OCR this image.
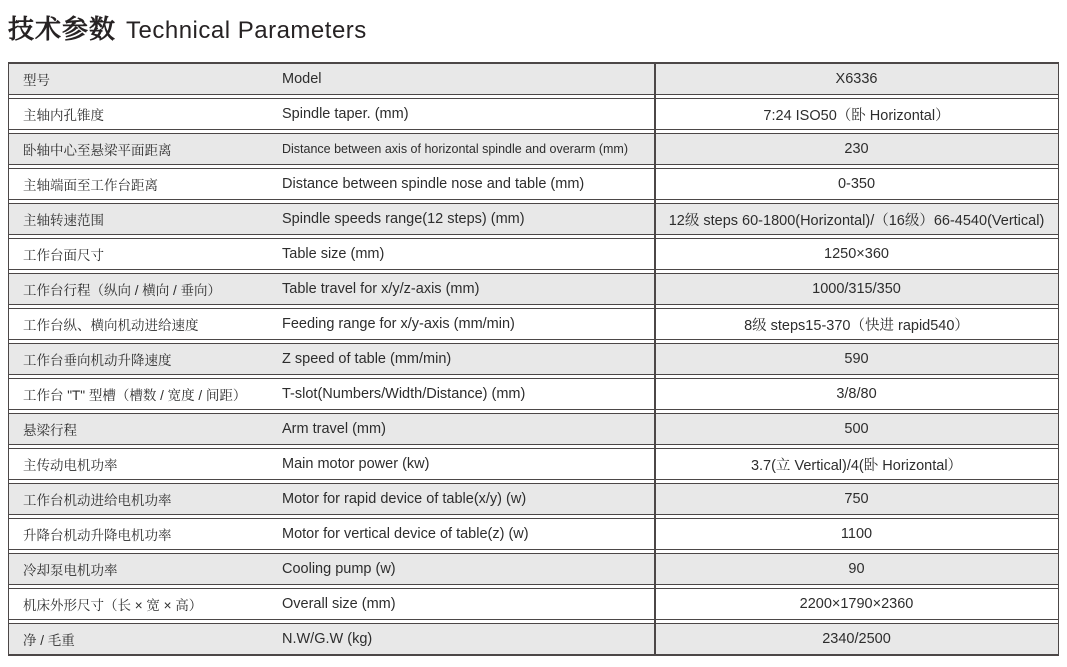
技术参数 Technical Parameters
型号	Model	X6336
主轴内孔锥度	Spindle taper. (mm)	7:24 ISO50（卧 Horizontal）
卧轴中心至悬梁平面距离	Distance between axis of horizontal spindle and overarm (mm)	230
主轴端面至工作台距离	Distance between spindle nose and table (mm)	0-350
主轴转速范围	Spindle speeds range(12 steps) (mm)	12级 steps 60-1800(Horizontal)/（16级）66-4540(Vertical)
工作台面尺寸	Table size (mm)	1250×360
工作台行程（纵向 / 横向 / 垂向）	Table travel for x/y/z-axis (mm)	1000/315/350
工作台纵、横向机动进给速度	Feeding range for x/y-axis (mm/min)	8级 steps15-370（快进 rapid540）
工作台垂向机动升降速度	Z speed of table (mm/min)	590
工作台 "T" 型槽（槽数 / 宽度 / 间距）	T-slot(Numbers/Width/Distance) (mm)	3/8/80
悬梁行程	Arm travel (mm)	500
主传动电机功率	Main motor power (kw)	3.7(立 Vertical)/4(卧 Horizontal）
工作台机动进给电机功率	Motor for rapid device of table(x/y) (w)	750
升降台机动升降电机功率	Motor for vertical device of table(z) (w)	1100
冷却泵电机功率	Cooling pump (w)	90
机床外形尺寸（长 × 宽 × 高）	Overall size (mm)	2200×1790×2360
净 / 毛重	N.W/G.W (kg)	2340/2500
